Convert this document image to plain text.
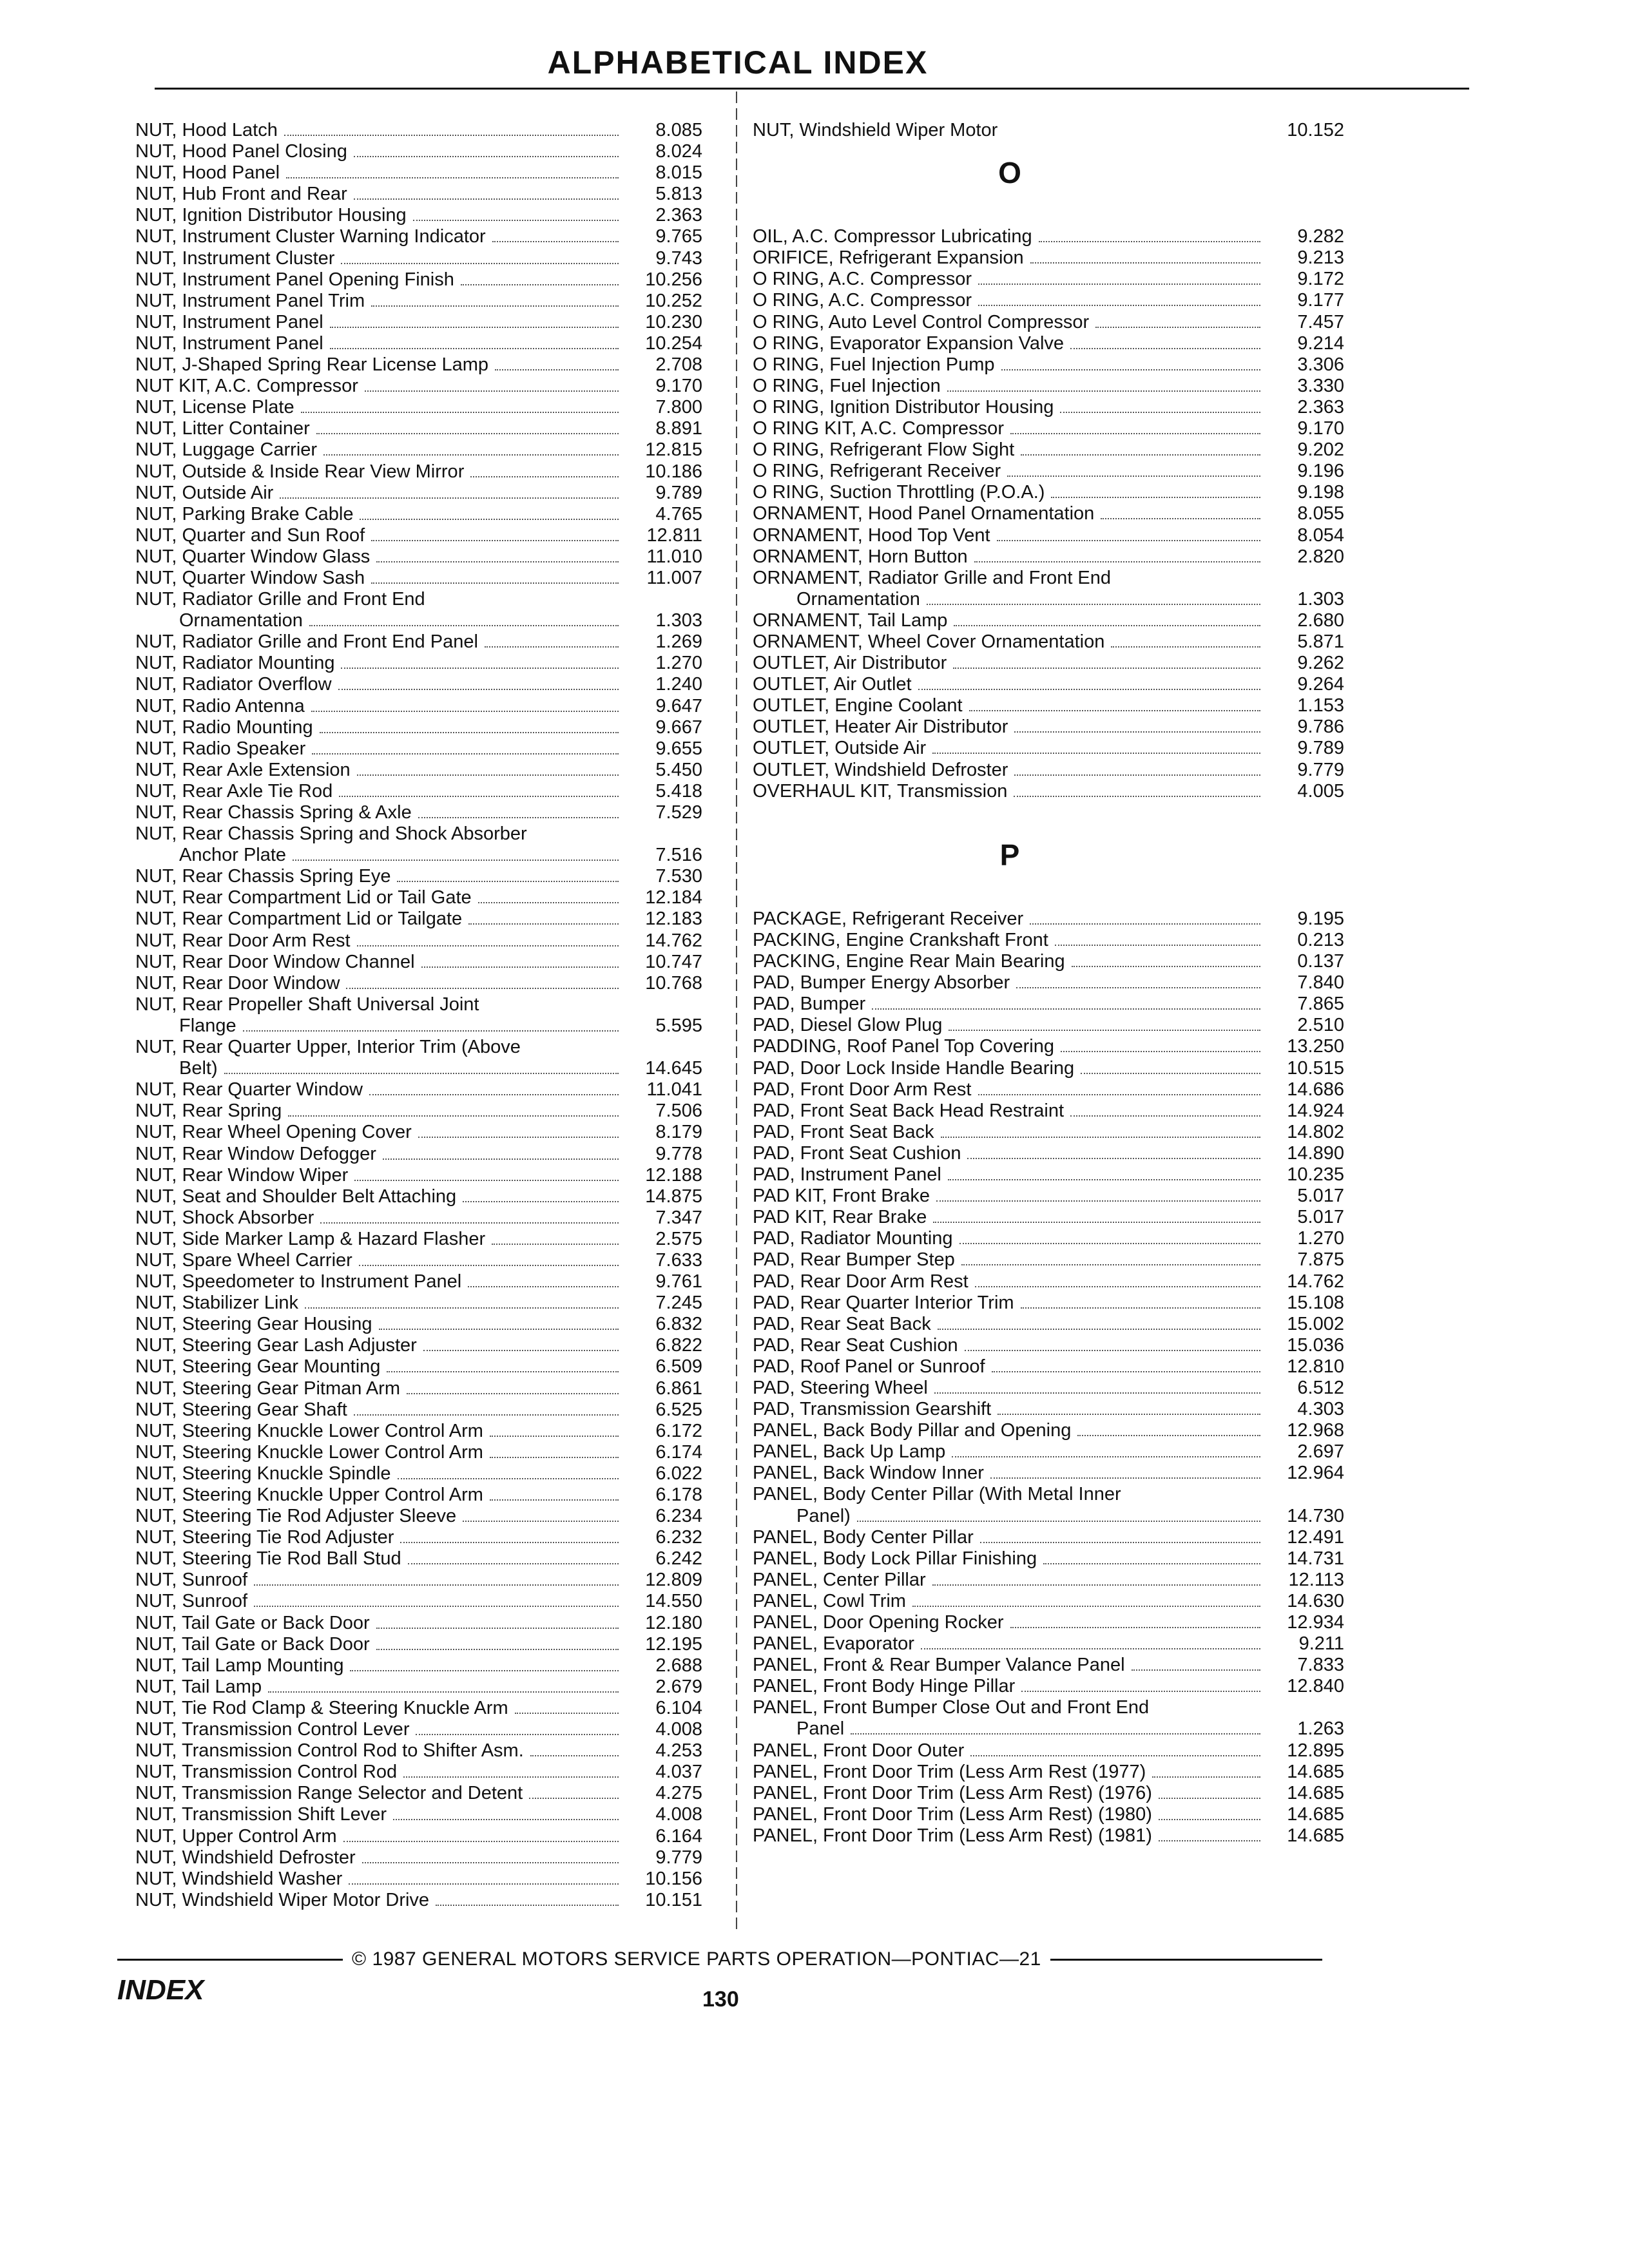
ALPHABETICAL INDEX
NUT, Hood Latch	8.085
NUT, Hood Panel Closing	8.024
NUT, Hood Panel	8.015
NUT, Hub Front and Rear	5.813
NUT, Ignition Distributor Housing	2.363
NUT, Instrument Cluster Warning Indicator	9.765
NUT, Instrument Cluster	9.743
NUT, Instrument Panel Opening Finish	10.256
NUT, Instrument Panel Trim	10.252
NUT, Instrument Panel	10.230
NUT, Instrument Panel	10.254
NUT, J-Shaped Spring Rear License Lamp	2.708
NUT KIT, A.C. Compressor	9.170
NUT, License Plate	7.800
NUT, Litter Container	8.891
NUT, Luggage Carrier	12.815
NUT, Outside & Inside Rear View Mirror	10.186
NUT, Outside Air	9.789
NUT, Parking Brake Cable	4.765
NUT, Quarter and Sun Roof	12.811
NUT, Quarter Window Glass	11.010
NUT, Quarter Window Sash	11.007
NUT, Radiator Grille and Front End
Ornamentation	1.303
NUT, Radiator Grille and Front End Panel	1.269
NUT, Radiator Mounting	1.270
NUT, Radiator Overflow	1.240
NUT, Radio Antenna	9.647
NUT, Radio Mounting	9.667
NUT, Radio Speaker	9.655
NUT, Rear Axle Extension	5.450
NUT, Rear Axle Tie Rod	5.418
NUT, Rear Chassis Spring & Axle	7.529
NUT, Rear Chassis Spring and Shock Absorber
Anchor Plate	7.516
NUT, Rear Chassis Spring Eye	7.530
NUT, Rear Compartment Lid or Tail Gate	12.184
NUT, Rear Compartment Lid or Tailgate	12.183
NUT, Rear Door Arm Rest	14.762
NUT, Rear Door Window Channel	10.747
NUT, Rear Door Window	10.768
NUT, Rear Propeller Shaft Universal Joint
Flange	5.595
NUT, Rear Quarter Upper, Interior Trim (Above
Belt)	14.645
NUT, Rear Quarter Window	11.041
NUT, Rear Spring	7.506
NUT, Rear Wheel Opening Cover	8.179
NUT, Rear Window Defogger	9.778
NUT, Rear Window Wiper	12.188
NUT, Seat and Shoulder Belt Attaching	14.875
NUT, Shock Absorber	7.347
NUT, Side Marker Lamp & Hazard Flasher	2.575
NUT, Spare Wheel Carrier	7.633
NUT, Speedometer to Instrument Panel	9.761
NUT, Stabilizer Link	7.245
NUT, Steering Gear Housing	6.832
NUT, Steering Gear Lash Adjuster	6.822
NUT, Steering Gear Mounting	6.509
NUT, Steering Gear Pitman Arm	6.861
NUT, Steering Gear Shaft	6.525
NUT, Steering Knuckle Lower Control Arm	6.172
NUT, Steering Knuckle Lower Control Arm	6.174
NUT, Steering Knuckle Spindle	6.022
NUT, Steering Knuckle Upper Control Arm	6.178
NUT, Steering Tie Rod Adjuster Sleeve	6.234
NUT, Steering Tie Rod Adjuster	6.232
NUT, Steering Tie Rod Ball Stud	6.242
NUT, Sunroof	12.809
NUT, Sunroof	14.550
NUT, Tail Gate or Back Door	12.180
NUT, Tail Gate or Back Door	12.195
NUT, Tail Lamp Mounting	2.688
NUT, Tail Lamp	2.679
NUT, Tie Rod Clamp & Steering Knuckle Arm	6.104
NUT, Transmission Control Lever	4.008
NUT, Transmission Control Rod to Shifter Asm.	4.253
NUT, Transmission Control Rod	4.037
NUT, Transmission Range Selector and Detent	4.275
NUT, Transmission Shift Lever	4.008
NUT, Upper Control Arm	6.164
NUT, Windshield Defroster	9.779
NUT, Windshield Washer	10.156
NUT, Windshield Wiper Motor Drive	10.151
NUT, Windshield Wiper Motor	10.152
O
OIL, A.C. Compressor Lubricating	9.282
ORIFICE, Refrigerant Expansion	9.213
O RING, A.C. Compressor	9.172
O RING, A.C. Compressor	9.177
O RING, Auto Level Control Compressor	7.457
O RING, Evaporator Expansion Valve	9.214
O RING, Fuel Injection Pump	3.306
O RING, Fuel Injection	3.330
O RING, Ignition Distributor Housing	2.363
O RING KIT, A.C. Compressor	9.170
O RING, Refrigerant Flow Sight	9.202
O RING, Refrigerant Receiver	9.196
O RING, Suction Throttling (P.O.A.)	9.198
ORNAMENT, Hood Panel Ornamentation	8.055
ORNAMENT, Hood Top Vent	8.054
ORNAMENT, Horn Button	2.820
ORNAMENT, Radiator Grille and Front End
Ornamentation	1.303
ORNAMENT, Tail Lamp	2.680
ORNAMENT, Wheel Cover Ornamentation	5.871
OUTLET, Air Distributor	9.262
OUTLET, Air Outlet	9.264
OUTLET, Engine Coolant	1.153
OUTLET, Heater Air Distributor	9.786
OUTLET, Outside Air	9.789
OUTLET, Windshield Defroster	9.779
OVERHAUL KIT, Transmission	4.005
P
PACKAGE, Refrigerant Receiver	9.195
PACKING, Engine Crankshaft Front	0.213
PACKING, Engine Rear Main Bearing	0.137
PAD, Bumper Energy Absorber	7.840
PAD, Bumper	7.865
PAD, Diesel Glow Plug	2.510
PADDING, Roof Panel Top Covering	13.250
PAD, Door Lock Inside Handle Bearing	10.515
PAD, Front Door Arm Rest	14.686
PAD, Front Seat Back Head Restraint	14.924
PAD, Front Seat Back	14.802
PAD, Front Seat Cushion	14.890
PAD, Instrument Panel	10.235
PAD KIT, Front Brake	5.017
PAD KIT, Rear Brake	5.017
PAD, Radiator Mounting	1.270
PAD, Rear Bumper Step	7.875
PAD, Rear Door Arm Rest	14.762
PAD, Rear Quarter Interior Trim	15.108
PAD, Rear Seat Back	15.002
PAD, Rear Seat Cushion	15.036
PAD, Roof Panel or Sunroof	12.810
PAD, Steering Wheel	6.512
PAD, Transmission Gearshift	4.303
PANEL, Back Body Pillar and Opening	12.968
PANEL, Back Up Lamp	2.697
PANEL, Back Window Inner	12.964
PANEL, Body Center Pillar (With Metal Inner
Panel)	14.730
PANEL, Body Center Pillar	12.491
PANEL, Body Lock Pillar Finishing	14.731
PANEL, Center Pillar	12.113
PANEL, Cowl Trim	14.630
PANEL, Door Opening Rocker	12.934
PANEL, Evaporator	9.211
PANEL, Front & Rear Bumper Valance Panel	7.833
PANEL, Front Body Hinge Pillar	12.840
PANEL, Front Bumper Close Out and Front End
Panel	1.263
PANEL, Front Door Outer	12.895
PANEL, Front Door Trim (Less Arm Rest (1977)	14.685
PANEL, Front Door Trim (Less Arm Rest) (1976)	14.685
PANEL, Front Door Trim (Less Arm Rest) (1980)	14.685
PANEL, Front Door Trim (Less Arm Rest) (1981)	14.685
© 1987 GENERAL MOTORS SERVICE PARTS OPERATION—PONTIAC—21
INDEX	130
